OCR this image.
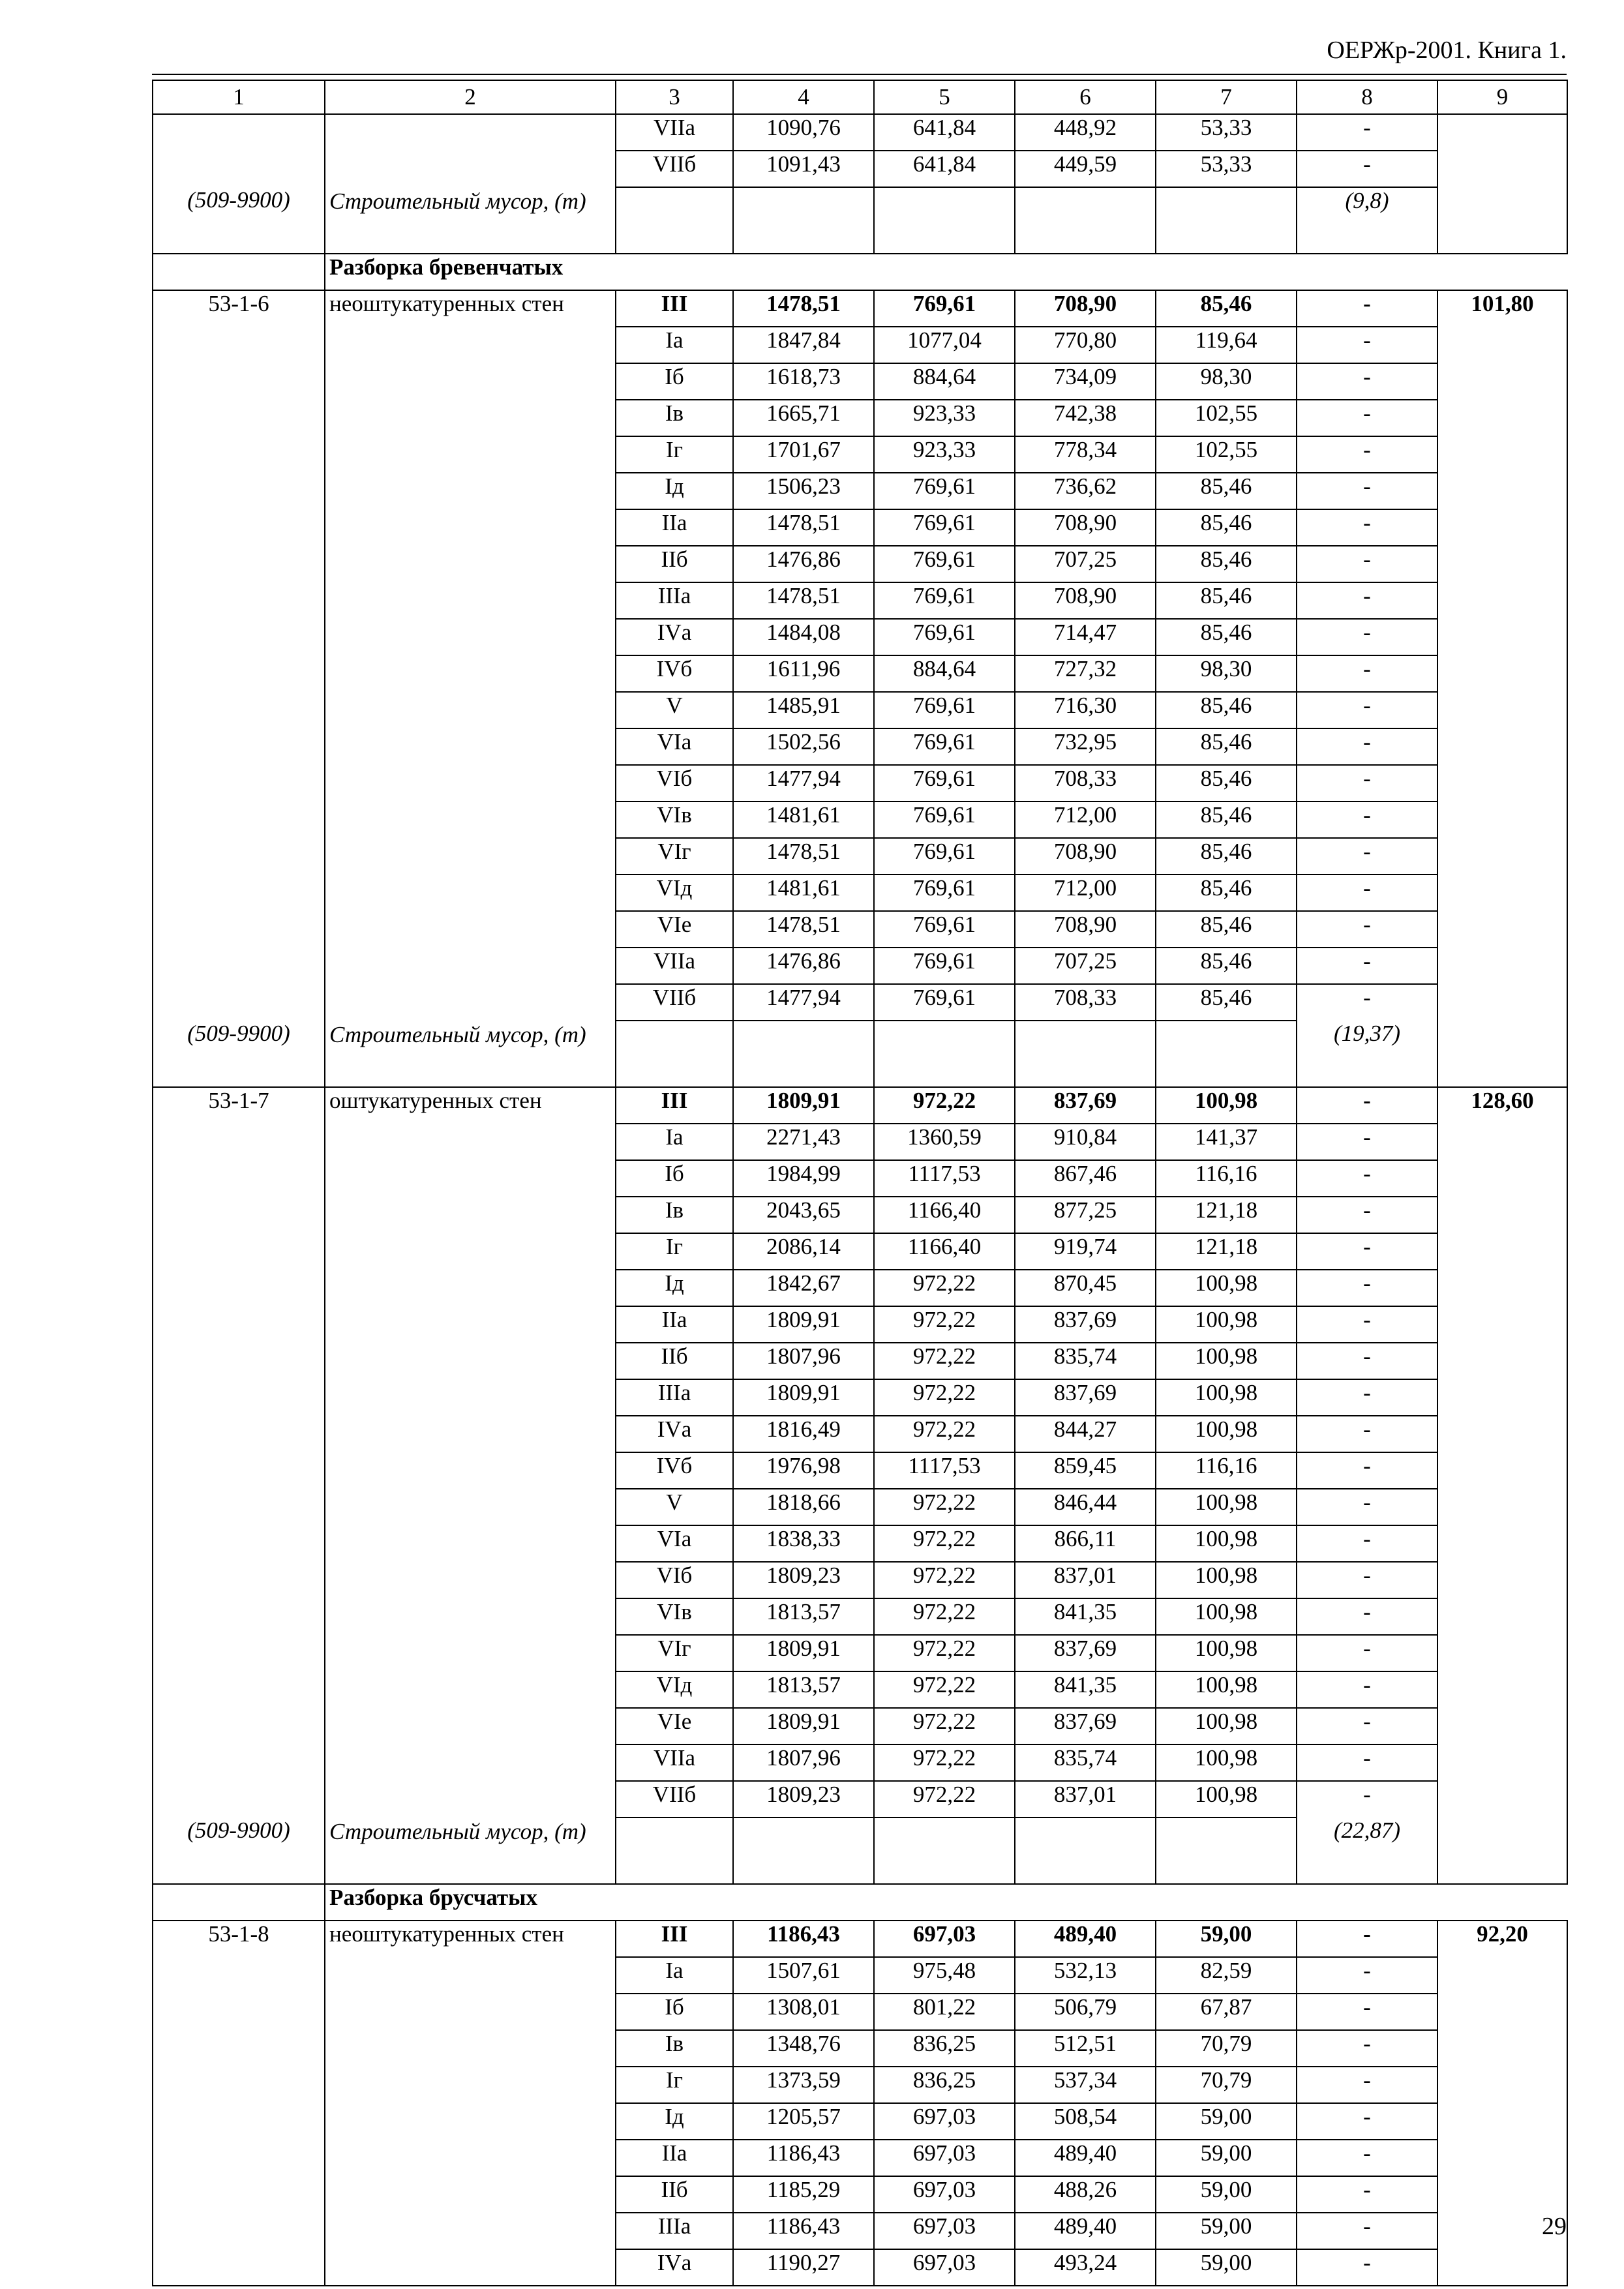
ОЕРЖр-2001. Книга 1.
1	2	3	4	5	6	7	8	9
		VIIа	1090,76	641,84	448,92	53,33	-	
		VIIб	1091,43	641,84	449,59	53,33	-	
(509-9900)	Строительный мусор, (т)						(9,8)	
	Разборка бревенчатых							
53-1-6	неоштукатуренных стен	III	1478,51	769,61	708,90	85,46	-	101,80
		Iа	1847,84	1077,04	770,80	119,64	-	
		Iб	1618,73	884,64	734,09	98,30	-	
		Iв	1665,71	923,33	742,38	102,55	-	
		Iг	1701,67	923,33	778,34	102,55	-	
		Iд	1506,23	769,61	736,62	85,46	-	
		IIа	1478,51	769,61	708,90	85,46	-	
		IIб	1476,86	769,61	707,25	85,46	-	
		IIIа	1478,51	769,61	708,90	85,46	-	
		IVа	1484,08	769,61	714,47	85,46	-	
		IVб	1611,96	884,64	727,32	98,30	-	
		V	1485,91	769,61	716,30	85,46	-	
		VIа	1502,56	769,61	732,95	85,46	-	
		VIб	1477,94	769,61	708,33	85,46	-	
		VIв	1481,61	769,61	712,00	85,46	-	
		VIг	1478,51	769,61	708,90	85,46	-	
		VIд	1481,61	769,61	712,00	85,46	-	
		VIе	1478,51	769,61	708,90	85,46	-	
		VIIа	1476,86	769,61	707,25	85,46	-	
		VIIб	1477,94	769,61	708,33	85,46	-	
(509-9900)	Строительный мусор, (т)						(19,37)	
53-1-7	оштукатуренных стен	III	1809,91	972,22	837,69	100,98	-	128,60
		Iа	2271,43	1360,59	910,84	141,37	-	
		Iб	1984,99	1117,53	867,46	116,16	-	
		Iв	2043,65	1166,40	877,25	121,18	-	
		Iг	2086,14	1166,40	919,74	121,18	-	
		Iд	1842,67	972,22	870,45	100,98	-	
		IIа	1809,91	972,22	837,69	100,98	-	
		IIб	1807,96	972,22	835,74	100,98	-	
		IIIа	1809,91	972,22	837,69	100,98	-	
		IVа	1816,49	972,22	844,27	100,98	-	
		IVб	1976,98	1117,53	859,45	116,16	-	
		V	1818,66	972,22	846,44	100,98	-	
		VIа	1838,33	972,22	866,11	100,98	-	
		VIб	1809,23	972,22	837,01	100,98	-	
		VIв	1813,57	972,22	841,35	100,98	-	
		VIг	1809,91	972,22	837,69	100,98	-	
		VIд	1813,57	972,22	841,35	100,98	-	
		VIе	1809,91	972,22	837,69	100,98	-	
		VIIа	1807,96	972,22	835,74	100,98	-	
		VIIб	1809,23	972,22	837,01	100,98	-	
(509-9900)	Строительный мусор, (т)						(22,87)	
	Разборка брусчатых							
53-1-8	неоштукатуренных стен	III	1186,43	697,03	489,40	59,00	-	92,20
		Iа	1507,61	975,48	532,13	82,59	-	
		Iб	1308,01	801,22	506,79	67,87	-	
		Iв	1348,76	836,25	512,51	70,79	-	
		Iг	1373,59	836,25	537,34	70,79	-	
		Iд	1205,57	697,03	508,54	59,00	-	
		IIа	1186,43	697,03	489,40	59,00	-	
		IIб	1185,29	697,03	488,26	59,00	-	
		IIIа	1186,43	697,03	489,40	59,00	-	
		IVа	1190,27	697,03	493,24	59,00	-	
29
